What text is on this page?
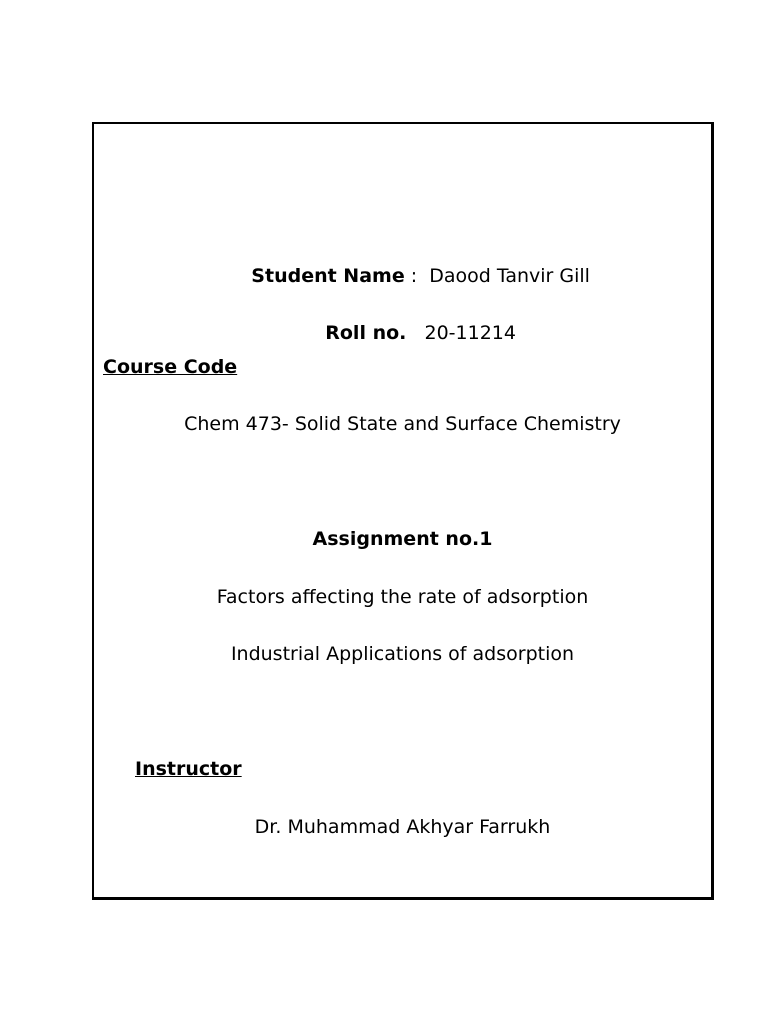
Student Name :  Daood Tanvir Gill

Roll no. 20-11214

Course Code
Chem 473- Solid State and Surface Chemistry
Assignment no.1
Factors affecting the rate of adsorption
Industrial Applications of adsorption
Instructor
Dr. Muhammad Akhyar Farrukh
